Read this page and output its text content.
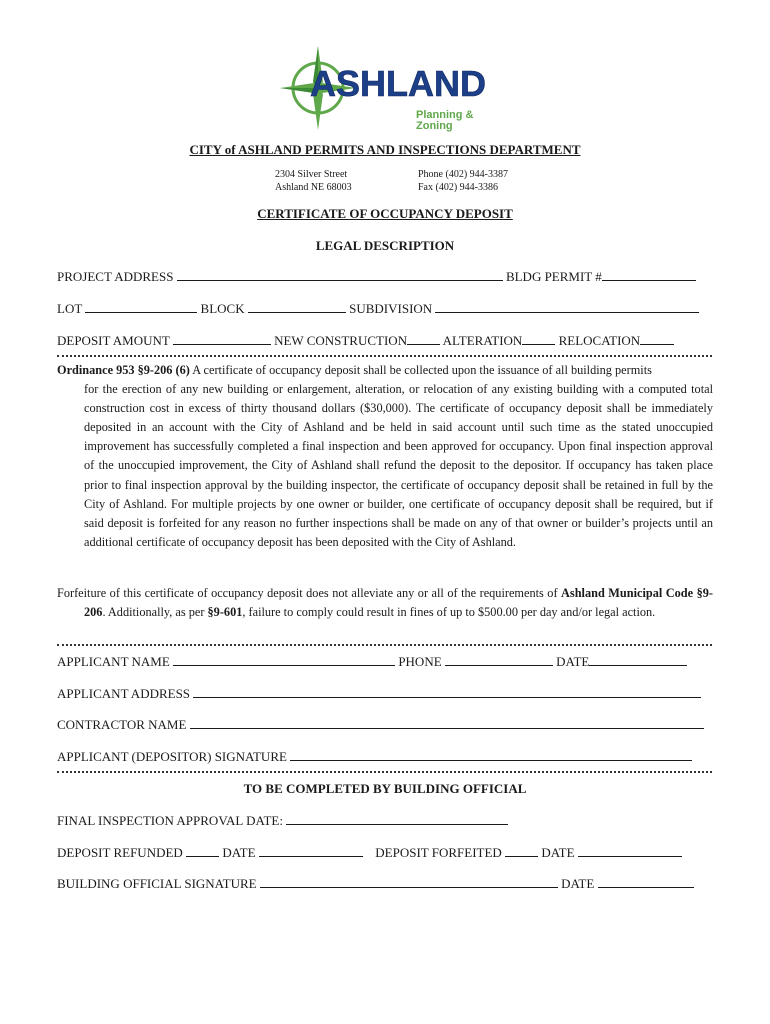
ASHLAND
Planning & Zoning
CITY of ASHLAND PERMITS AND INSPECTIONS DEPARTMENT
2304 Silver Street
Ashland NE 68003
Phone (402) 944-3387
Fax (402) 944-3386
CERTIFICATE OF OCCUPANCY DEPOSIT
LEGAL DESCRIPTION
PROJECT ADDRESS	BLDG PERMIT #
LOT	BLOCK	SUBDIVISION
DEPOSIT AMOUNT	NEW CONSTRUCTION	ALTERATION	RELOCATION
Ordinance 953 §9-206 (6) A certificate of occupancy deposit shall be collected upon the issuance of all building permits
for the erection of any new building or enlargement, alteration, or relocation of any existing building with a computed total construction cost in excess of thirty thousand dollars ($30,000). The certificate of occupancy deposit shall be immediately deposited in an account with the City of Ashland and be held in said account until such time as the stated unoccupied improvement has successfully completed a final inspection and been approved for occupancy. Upon final inspection approval of the unoccupied improvement, the City of Ashland shall refund the deposit to the depositor. If occupancy has taken place prior to final inspection approval by the building inspector, the certificate of occupancy deposit shall be retained in full by the City of Ashland. For multiple projects by one owner or builder, one certificate of occupancy deposit shall be required, but if said deposit is forfeited for any reason no further inspections shall be made on any of that owner or builder’s projects until an additional certificate of occupancy deposit has been deposited with the City of Ashland.
Forfeiture of this certificate of occupancy deposit does not alleviate any or all of the requirements of Ashland Municipal Code §9-206. Additionally, as per §9-601, failure to comply could result in fines of up to $500.00 per day and/or legal action.
APPLICANT NAME	PHONE	DATE
APPLICANT ADDRESS
CONTRACTOR NAME
APPLICANT (DEPOSITOR) SIGNATURE
TO BE COMPLETED BY BUILDING OFFICIAL
FINAL INSPECTION APPROVAL DATE:
DEPOSIT REFUNDED	DATE	DEPOSIT FORFEITED	DATE
BUILDING OFFICIAL SIGNATURE	DATE
